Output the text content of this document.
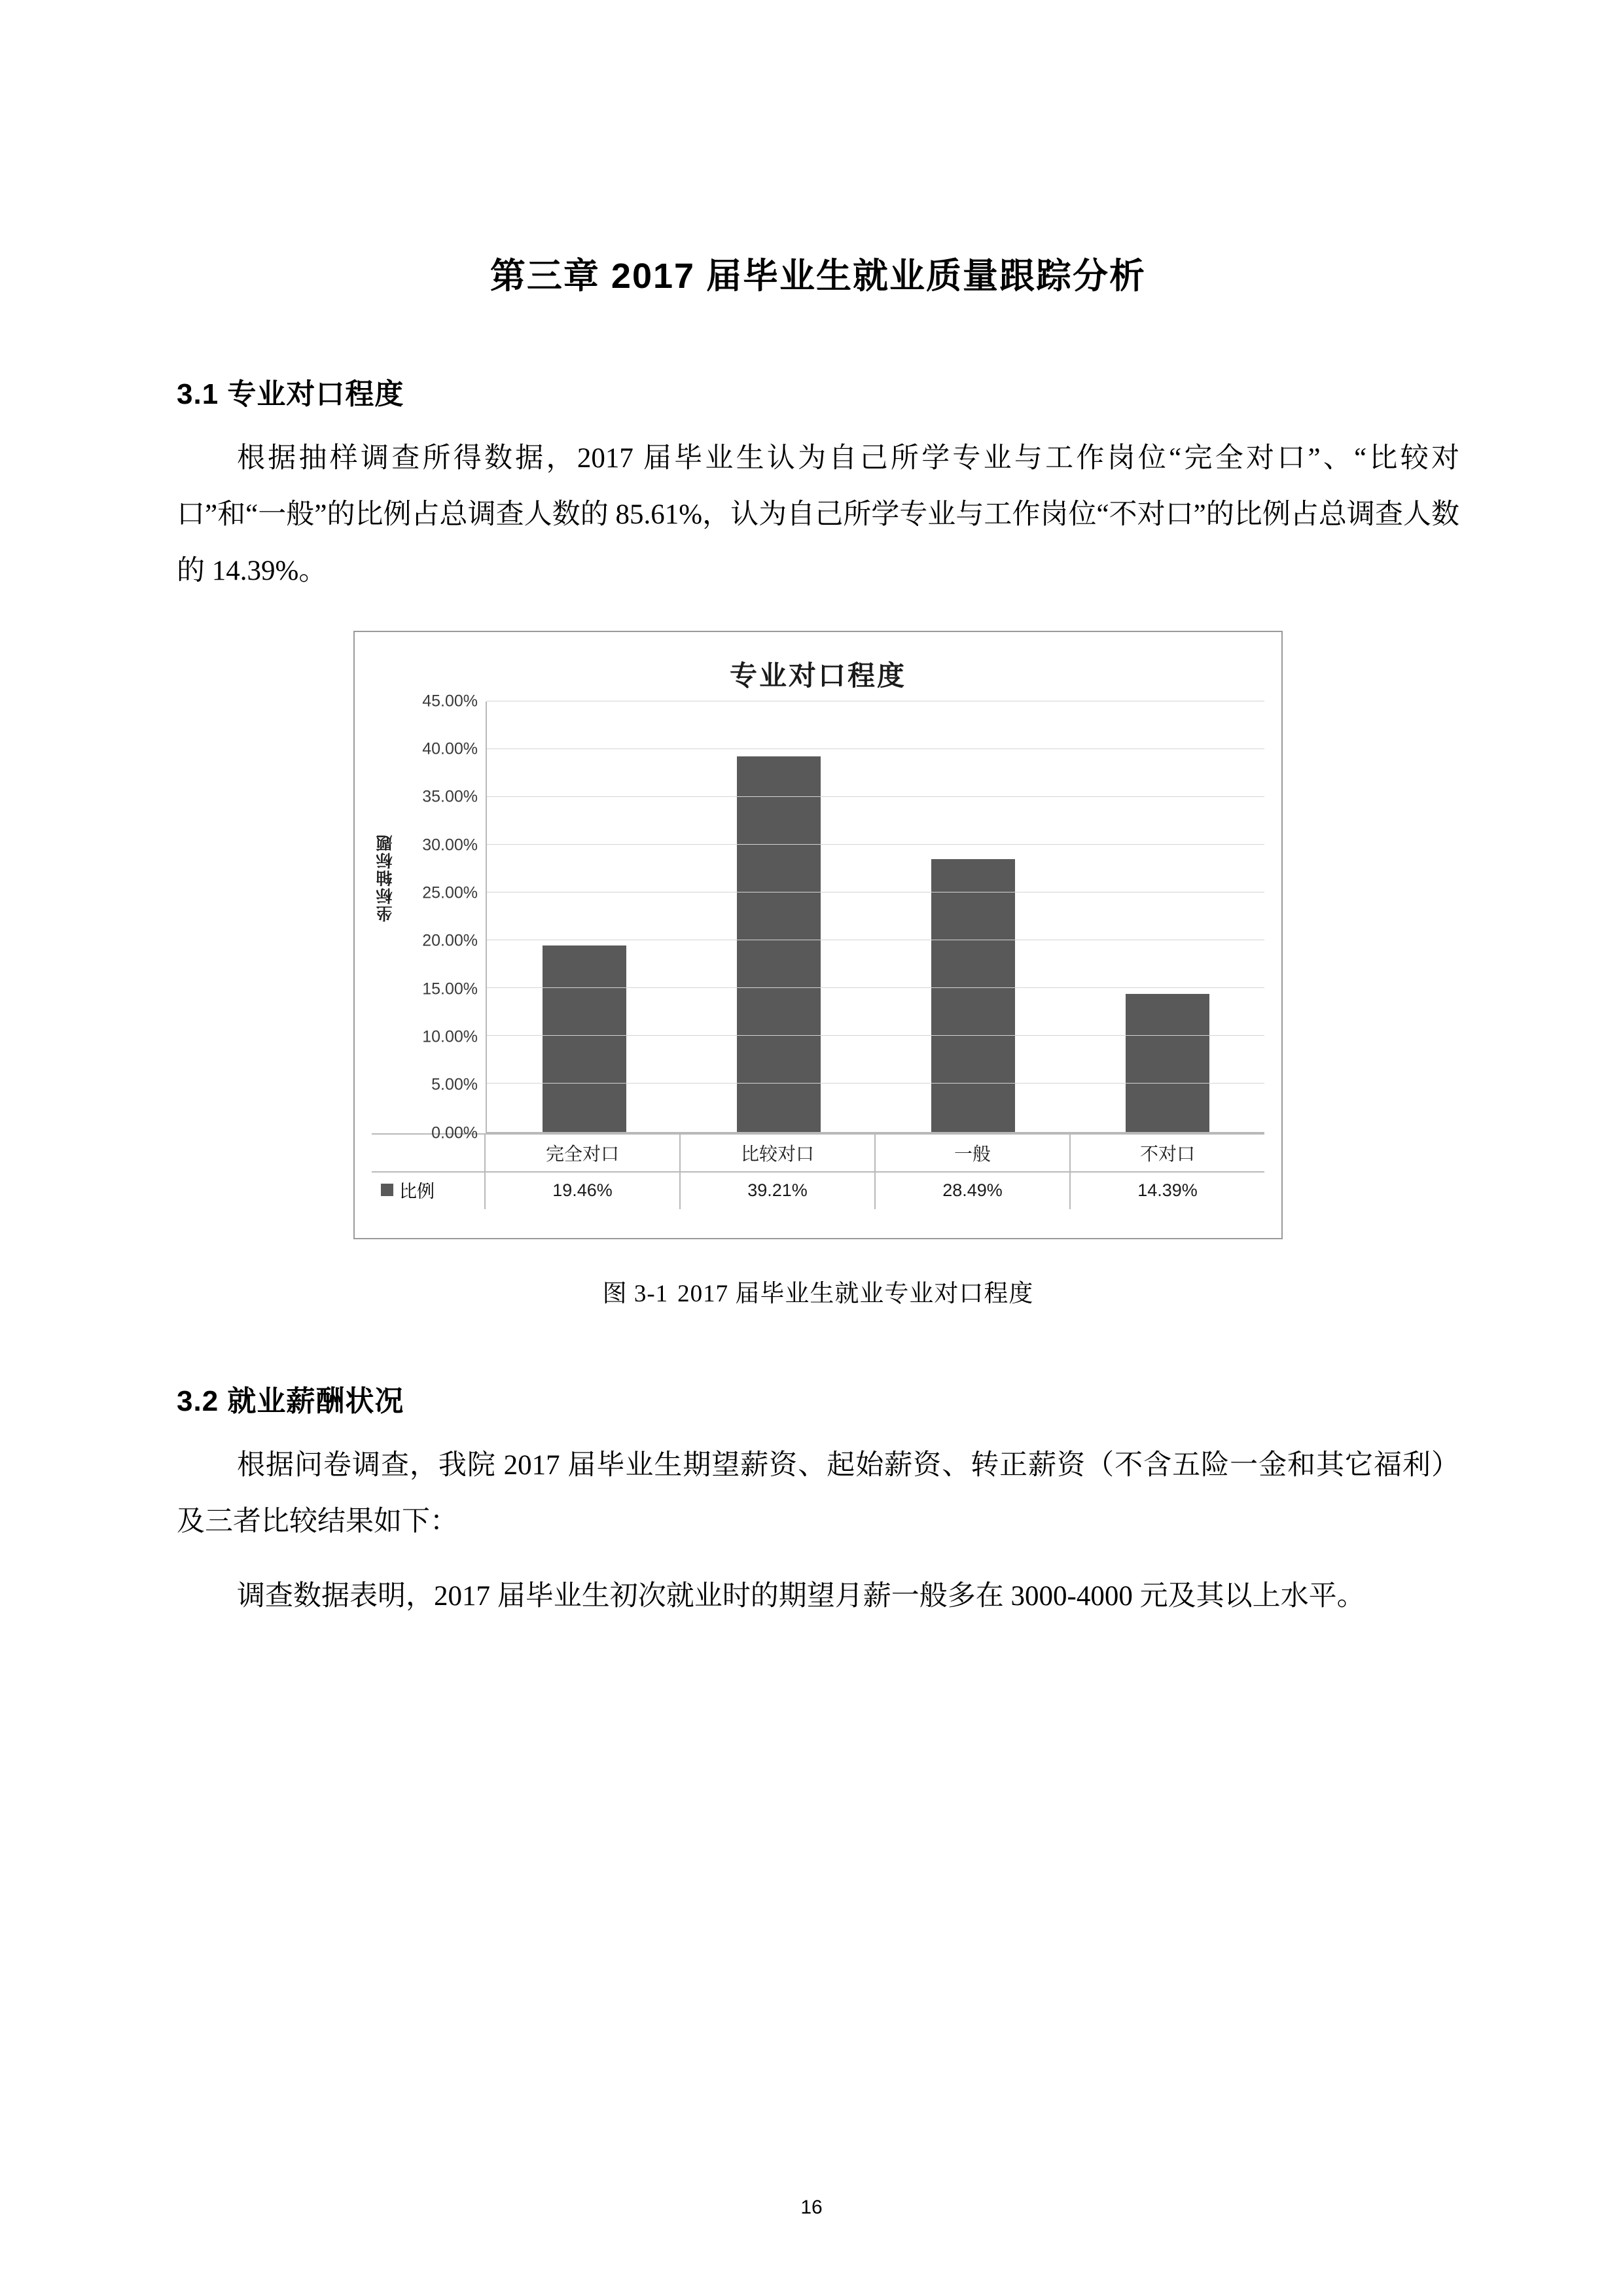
第三章 2017 届毕业生就业质量跟踪分析
3.1 专业对口程度

根据抽样调查所得数据，2017 届毕业生认为自己所学专业与工作岗位“完全对口”、“比较对口”和“一般”的比例占总调查人数的 85.61%，认为自己所学专业与工作岗位“不对口”的比例占总调查人数的 14.39%。

专业对口程度
坐标轴标题
0.00%
5.00%
10.00%
15.00%
20.00%
25.00%
30.00%
35.00%
40.00%
45.00%
比例
完全对口	比较对口	一般	不对口
19.46%	39.21%	28.49%	14.39%
图 3-1 2017 届毕业生就业专业对口程度
3.2 就业薪酬状况

根据问卷调查，我院 2017 届毕业生期望薪资、起始薪资、转正薪资（不含五险一金和其它福利）及三者比较结果如下：

调查数据表明，2017 届毕业生初次就业时的期望月薪一般多在 3000-4000 元及其以上水平。

16
